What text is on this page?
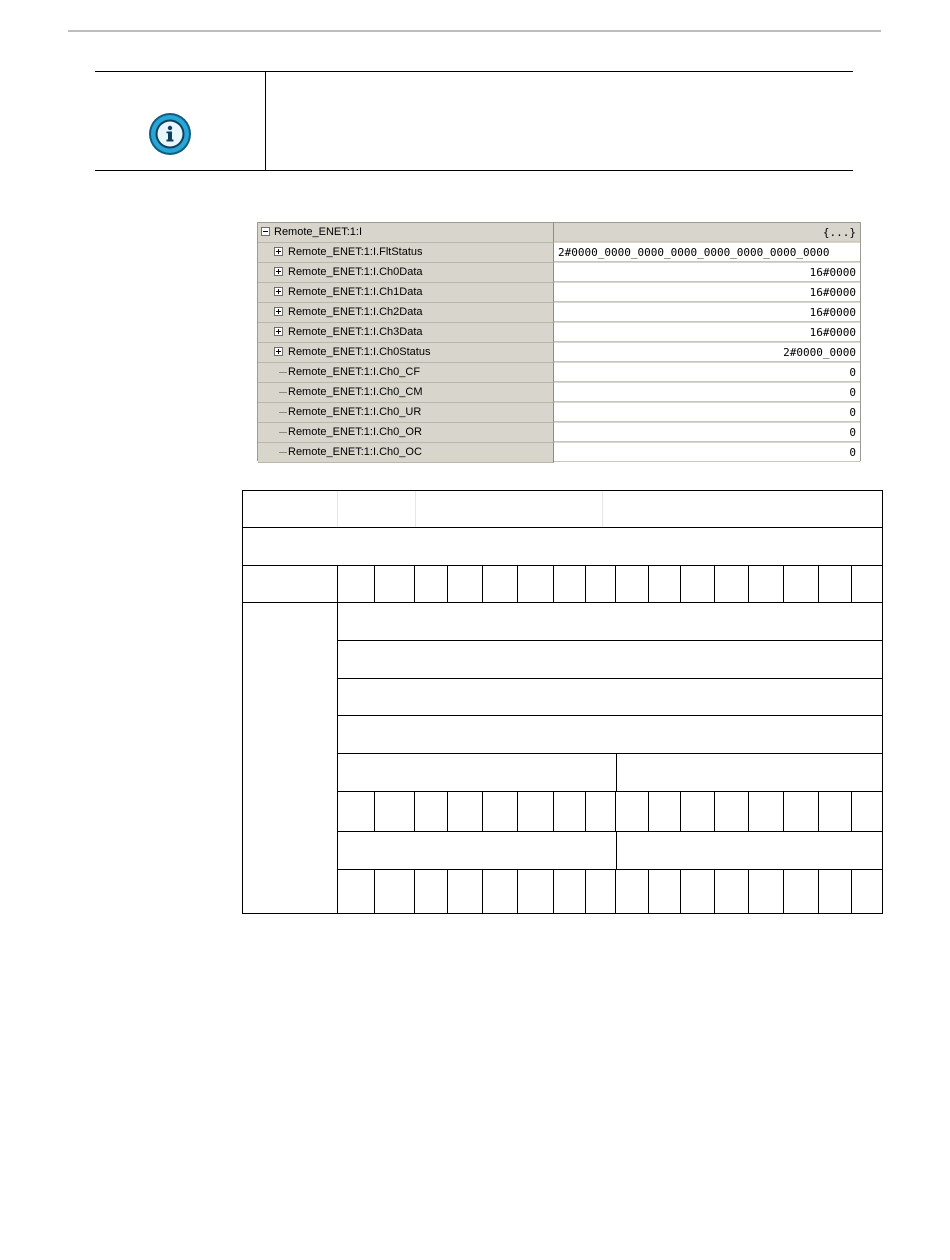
Remote_ENET:1:I	{...}
Remote_ENET:1:I.FltStatus	2#0000_0000_0000_0000_0000_0000_0000_0000
Remote_ENET:1:I.Ch0Data	16#0000
Remote_ENET:1:I.Ch1Data	16#0000
Remote_ENET:1:I.Ch2Data	16#0000
Remote_ENET:1:I.Ch3Data	16#0000
Remote_ENET:1:I.Ch0Status	2#0000_0000
Remote_ENET:1:I.Ch0_CF	0
Remote_ENET:1:I.Ch0_CM	0
Remote_ENET:1:I.Ch0_UR	0
Remote_ENET:1:I.Ch0_OR	0
Remote_ENET:1:I.Ch0_OC	0
